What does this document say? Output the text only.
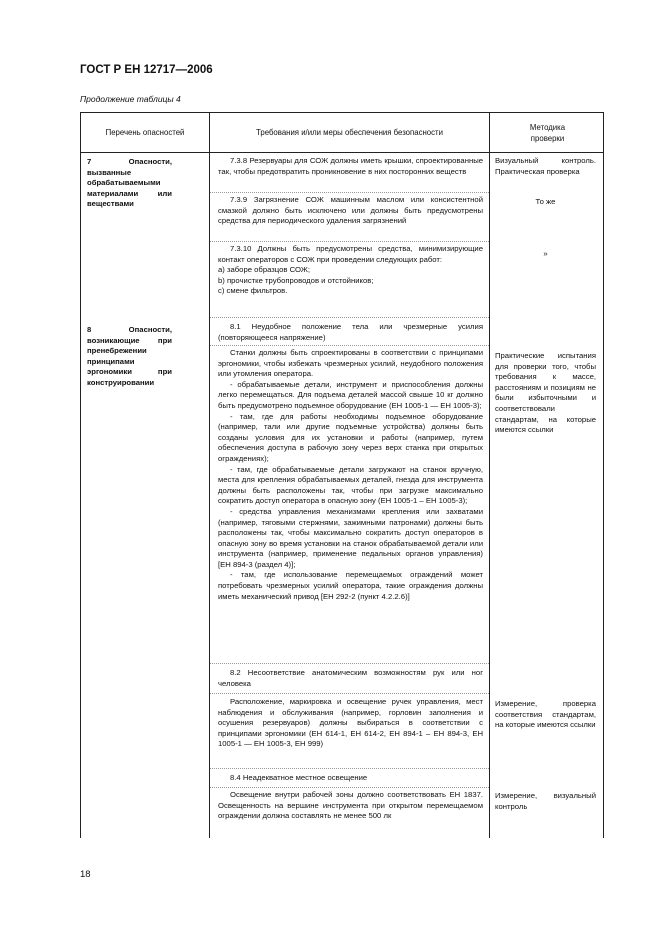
ГОСТ Р ЕН 12717—2006
Продолжение таблицы 4
Перечень опасностей	Требования и/или меры обеспечения безопасности
Методика
проверки
7 Опасности, вызванные обрабатываемыми материалами или веществами
8 Опасности, возникающие при пренебрежении принципами эргономики при конструировании

7.3.8 Резервуары для СОЖ должны иметь крышки, спроектированные так, чтобы предотвратить проникновение в них посторонних веществ

Визуальный контроль. Практическая проверка

7.3.9 Загрязнение СОЖ машинным маслом или консистентной смазкой должно быть исключено или должны быть предусмотрены средства для периодического удаления загрязнений

То же

7.3.10 Должны быть предусмотрены средства, минимизирующие контакт операторов с СОЖ при проведении следующих работ:

а) заборе образцов СОЖ;

b) прочистке трубопроводов и отстойников;

с) смене фильтров.

»

8.1 Неудобное положение тела или чрезмерные усилия (повторяющееся напряжение)

Станки должны быть спроектированы в соответствии с принципами эргономики, чтобы избежать чрезмерных усилий, неудобного положения или утомления оператора.

- обрабатываемые детали, инструмент и приспособления должны легко перемещаться. Для подъема деталей массой свыше 10 кг должно быть предусмотрено подъемное оборудование (ЕН 1005-1 — ЕН 1005-3);

- там, где для работы необходимы подъемное оборудование (например, тали или другие подъемные устройства) должны быть созданы условия для их установки и работы (например, путем обеспечения доступа в рабочую зону через верх станка при открытых ограждениях);

- там, где обрабатываемые детали загружают на станок вручную, места для крепления обрабатываемых деталей, гнезда для инструмента должны быть расположены так, чтобы при загрузке максимально сократить доступ оператора в опасную зону (ЕН 1005-1 – ЕН 1005-3);

- средства управления механизмами крепления или захватами (например, тяговыми стержнями, зажимными патронами) должны быть расположены так, чтобы максимально сократить доступ операторов в опасную зону во время установки на станок обрабатываемой детали или инструмента (например, применение педальных органов управления) [ЕН 894-3 (раздел 4)];

- там, где использование перемещаемых ограждений может потребовать чрезмерных усилий оператора, такие ограждения должны иметь механический привод [ЕН 292-2 (пункт 4.2.2.6)]

Практические испытания для проверки того, чтобы требования к массе, расстояниям и позициям не были избыточными и соответствовали стандартам, на которые имеются ссылки

8.2 Несоответствие анатомическим возможностям рук или ног человека

Расположение, маркировка и освещение ручек управления, мест наблюдения и обслуживания (например, горловин заполнения и осушения резервуаров) должны выбираться в соответствии с принципами эргономики (ЕН 614-1, ЕН 614-2, ЕН 894-1 – ЕН 894-3, ЕН 1005-1 — ЕН 1005-3, ЕН 999)

Измерение, проверка соответствия стандартам, на которые имеются ссылки

8.4 Неадекватное местное освещение

Освещение внутри рабочей зоны должно соответствовать ЕН 1837. Освещенность на вершине инструмента при открытом перемещаемом ограждении должна составлять не менее 500 лк

Измерение, визуальный контроль
18
